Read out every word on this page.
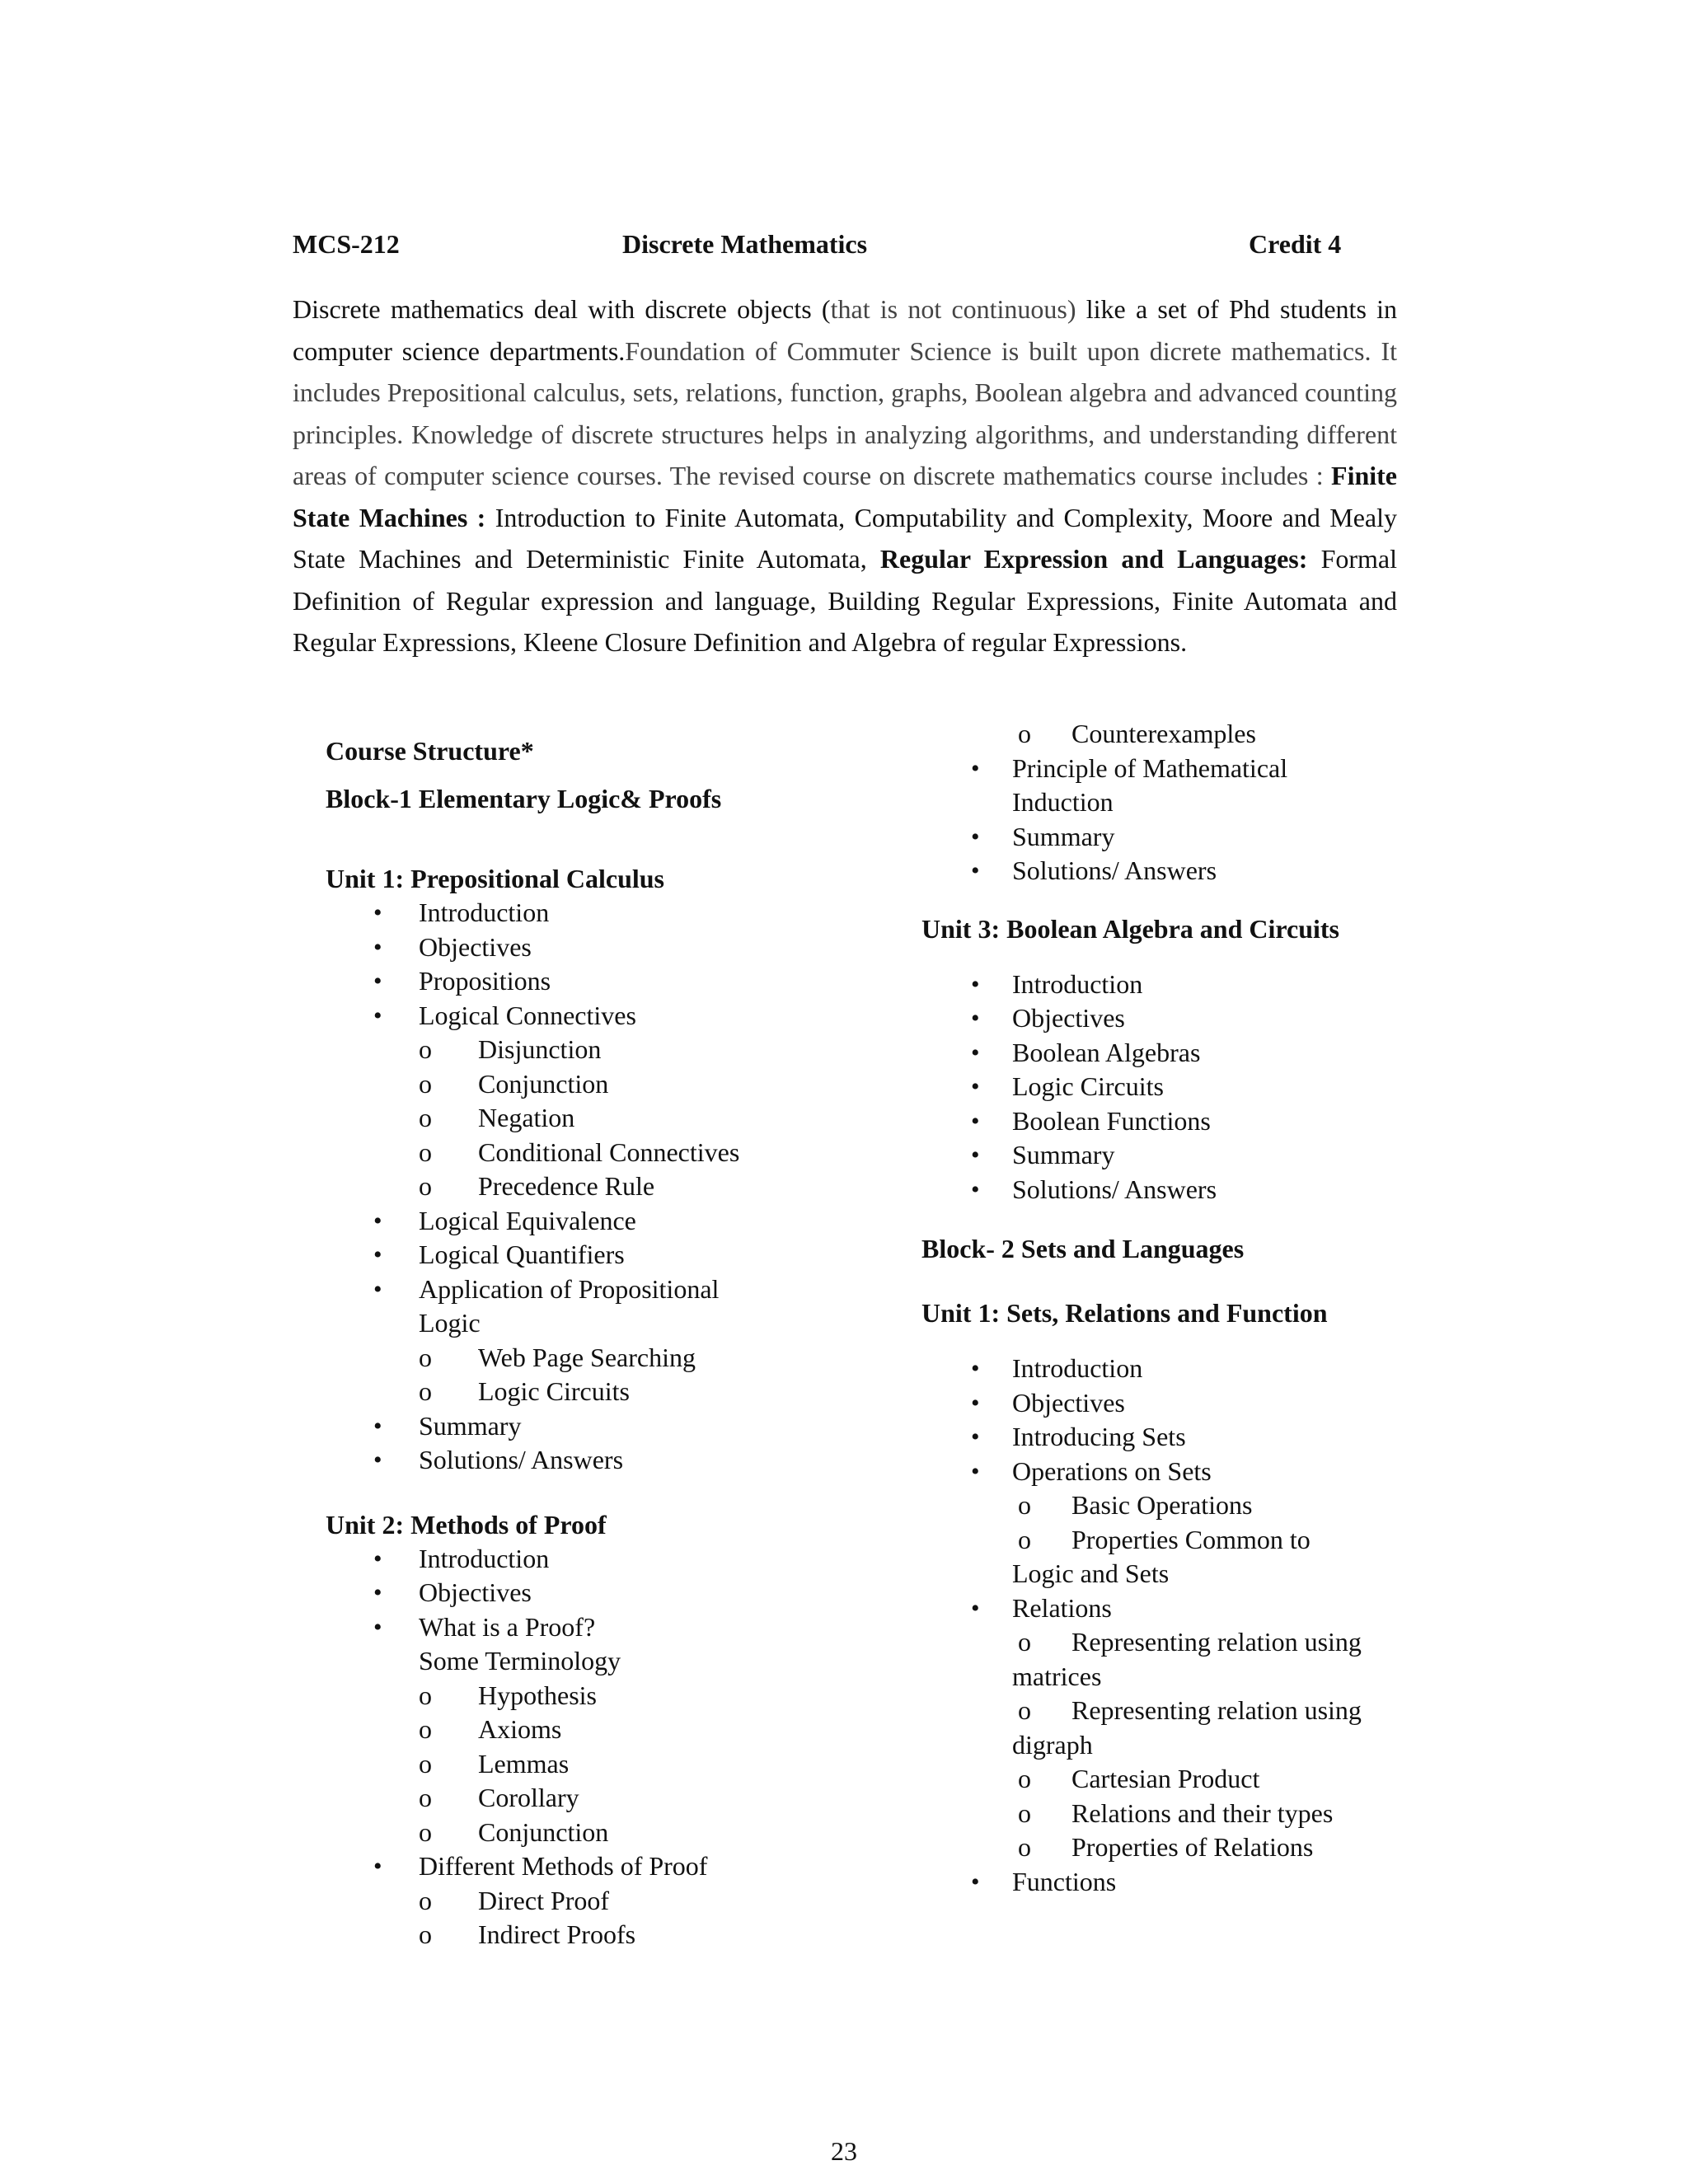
MCS-212	Discrete Mathematics	Credit 4
Discrete mathematics deal with discrete objects (that is not continuous) like a set of Phd students in computer science departments.Foundation of Commuter Science is built upon dicrete mathematics. It includes Prepositional calculus, sets, relations, function, graphs, Boolean algebra and advanced counting principles. Knowledge of discrete structures helps in analyzing algorithms, and understanding different areas of computer science courses. The revised course on discrete mathematics course includes : Finite State Machines : Introduction to Finite Automata, Computability and Complexity, Moore and Mealy State Machines and Deterministic Finite Automata, Regular Expression and Languages: Formal Definition of Regular expression and language, Building Regular Expressions, Finite Automata and Regular Expressions, Kleene Closure Definition and Algebra of regular Expressions.

Course Structure*

Block-1 Elementary Logic& Proofs

Unit 1: Prepositional Calculus

• Introduction
• Objectives
• Propositions
• Logical Connectives
o Disjunction
o Conjunction
o Negation
o Conditional Connectives
o Precedence Rule
• Logical Equivalence
• Logical Quantifiers
• Application of Propositional
Logic
o Web Page Searching
o Logic Circuits
• Summary
• Solutions/ Answers

Unit 2: Methods of Proof

• Introduction
• Objectives
• What is a Proof?
Some Terminology
o Hypothesis
o Axioms
o Lemmas
o Corollary
o Conjunction
• Different Methods of Proof
o Direct Proof
o Indirect Proofs
o Counterexamples
• Principle of Mathematical
Induction
• Summary
• Solutions/ Answers

Unit 3: Boolean Algebra and Circuits

• Introduction
• Objectives
• Boolean Algebras
• Logic Circuits
• Boolean Functions
• Summary
• Solutions/ Answers

Block- 2 Sets and Languages

Unit 1: Sets, Relations and Function

• Introduction
• Objectives
• Introducing Sets
• Operations on Sets
o Basic Operations
o Properties Common to
Logic and Sets
• Relations
o Representing relation using
matrices
o Representing relation using
digraph
o Cartesian Product
o Relations and their types
o Properties of Relations
• Functions
23
